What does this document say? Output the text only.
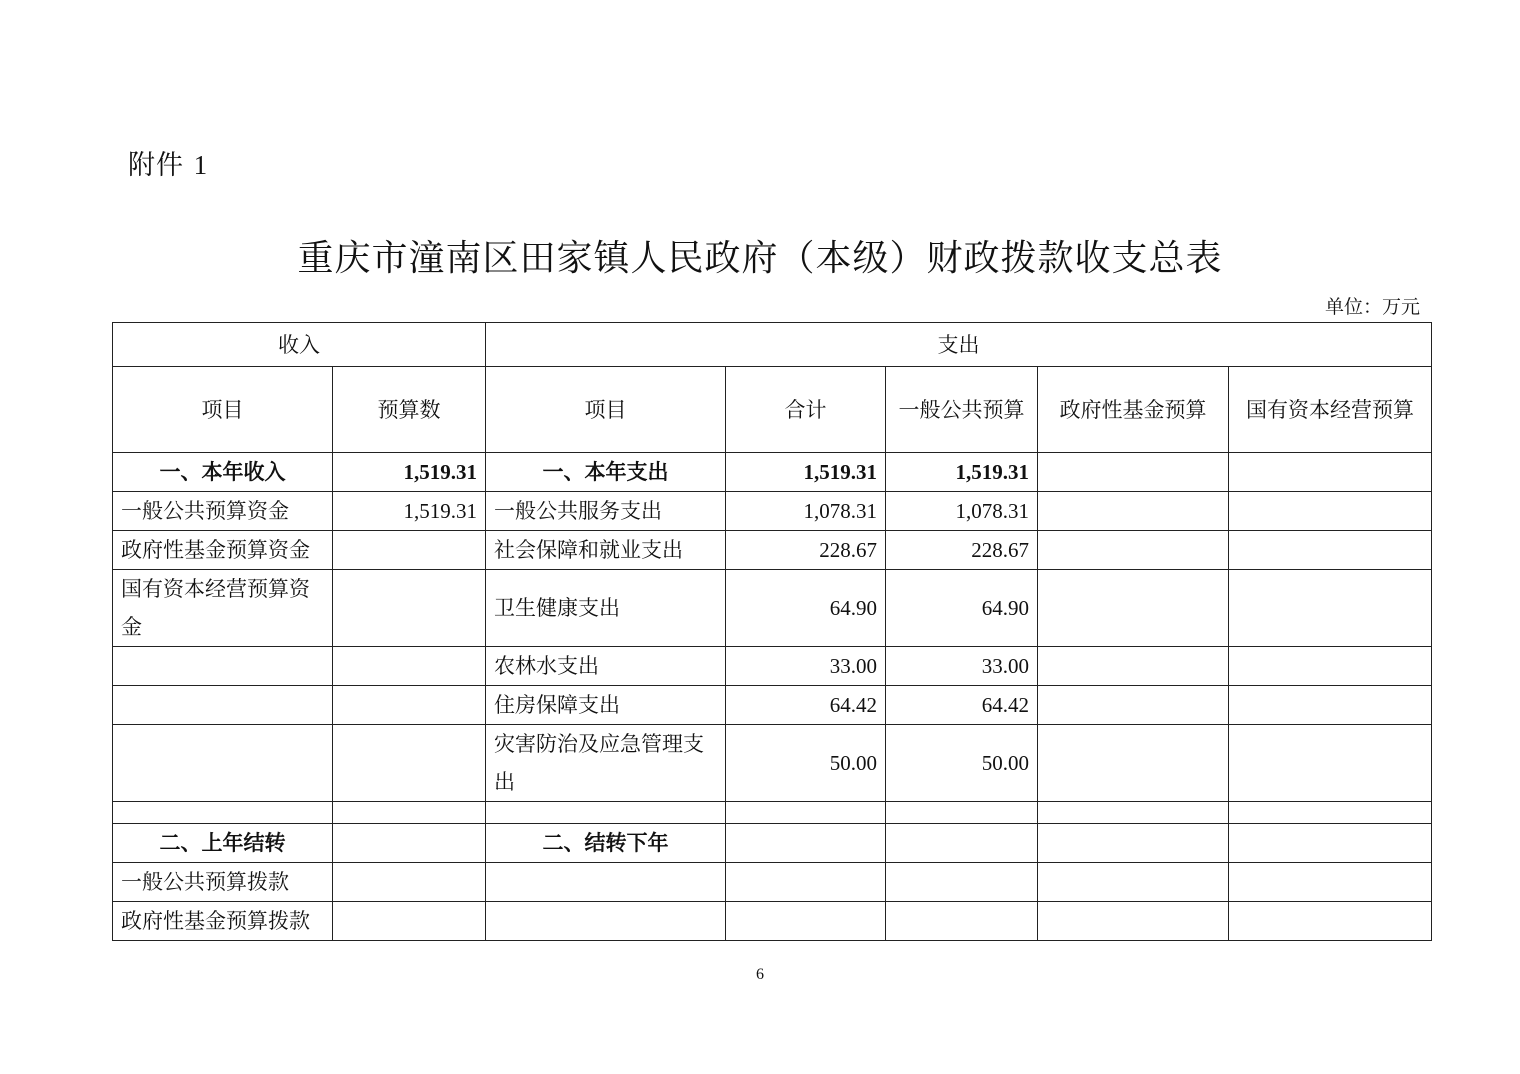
附件 1
重庆市潼南区田家镇人民政府（本级）财政拨款收支总表
单位：万元
收入		支出				
项目	预算数	项目	合计	一般公共预算	政府性基金预算	国有资本经营预算
一、本年收入	1,519.31	一、本年支出	1,519.31	1,519.31		
一般公共预算资金	1,519.31	一般公共服务支出	1,078.31	1,078.31		
政府性基金预算资金		社会保障和就业支出	228.67	228.67		
国有资本经营预算资金		卫生健康支出	64.90	64.90		
		农林水支出	33.00	33.00		
		住房保障支出	64.42	64.42		
		灾害防治及应急管理支出	50.00	50.00		

二、上年结转		二、结转下年				
一般公共预算拨款						
政府性基金预算拨款						
6
